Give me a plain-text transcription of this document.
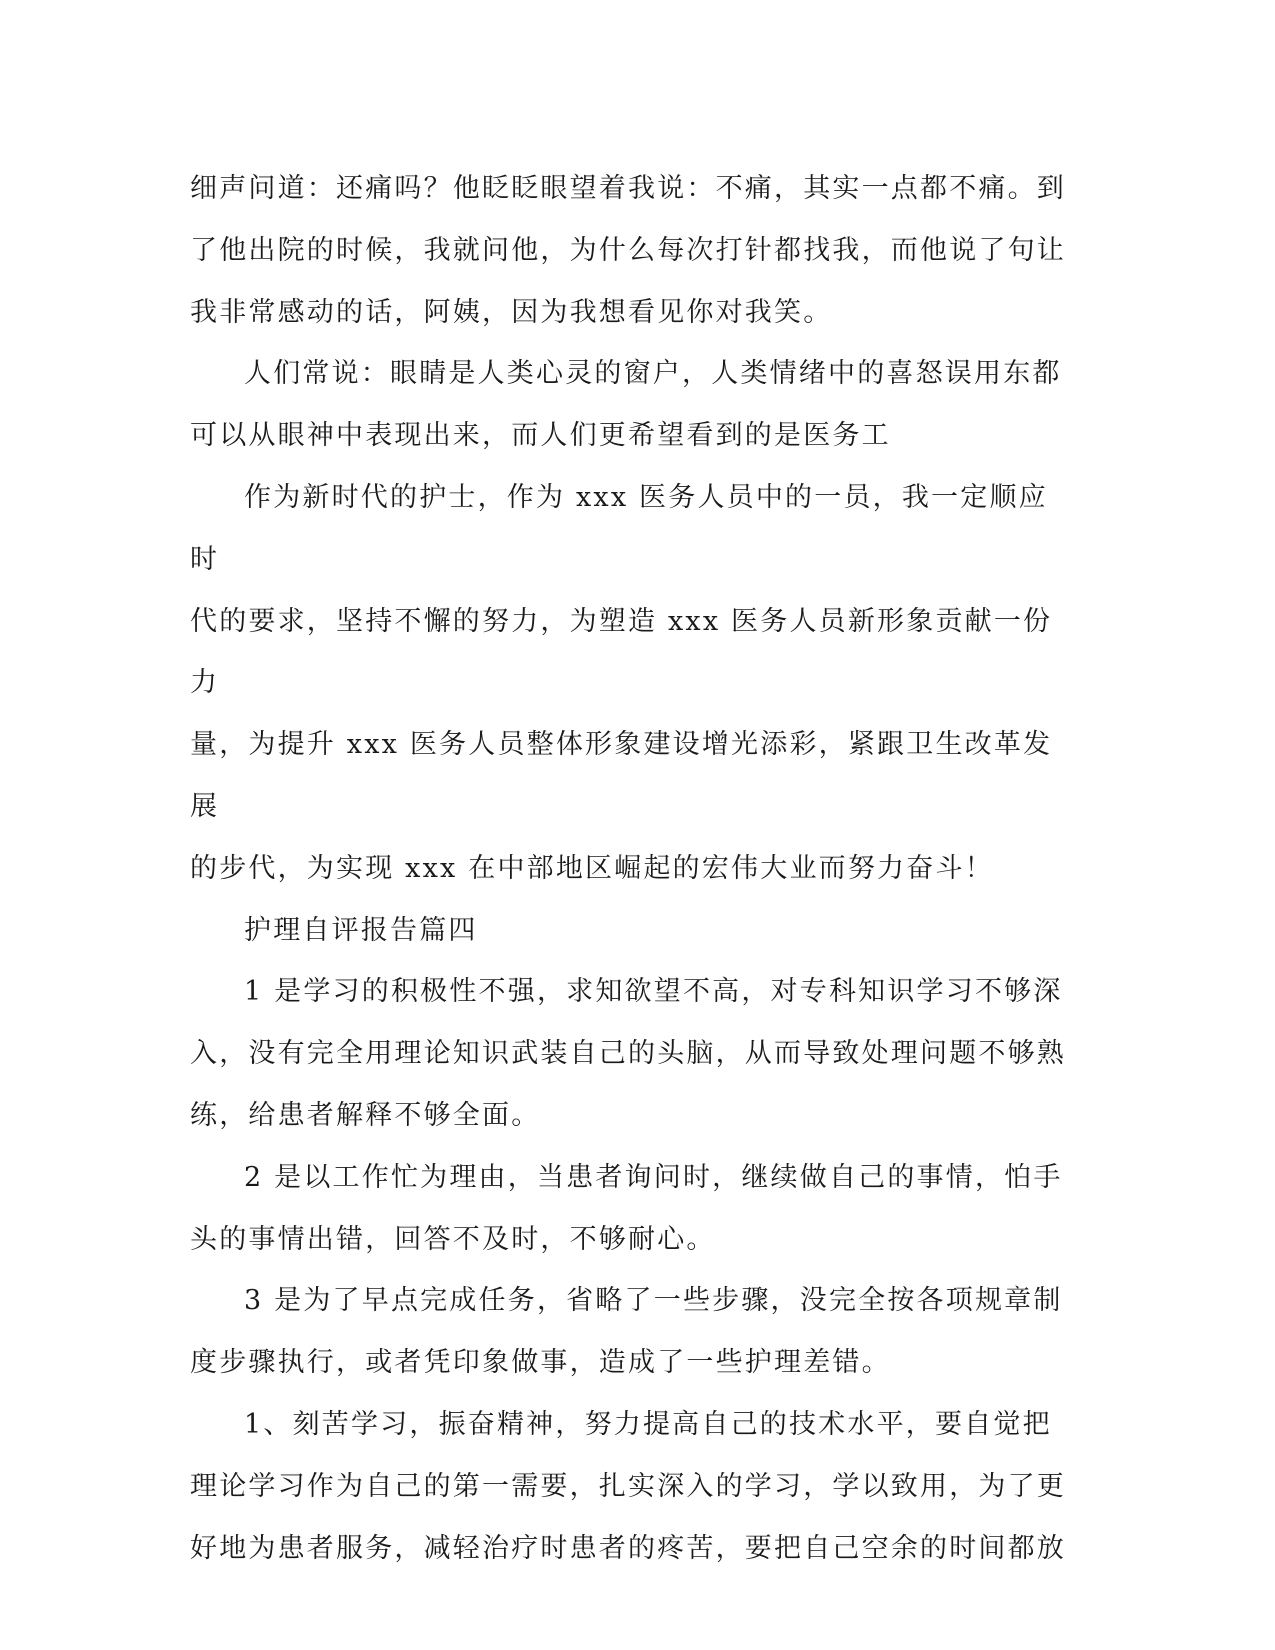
细声问道：还痛吗？他眨眨眼望着我说：不痛，其实一点都不痛。到
了他出院的时候，我就问他，为什么每次打针都找我，而他说了句让
我非常感动的话，阿姨，因为我想看见你对我笑。
人们常说：眼睛是人类心灵的窗户，人类情绪中的喜怒误用东都
可以从眼神中表现出来，而人们更希望看到的是医务工
作为新时代的护士，作为 xxx 医务人员中的一员，我一定顺应时
代的要求，坚持不懈的努力，为塑造 xxx 医务人员新形象贡献一份力
量，为提升 xxx 医务人员整体形象建设增光添彩，紧跟卫生改革发展
的步代，为实现 xxx 在中部地区崛起的宏伟大业而努力奋斗！
护理自评报告篇四
1 是学习的积极性不强，求知欲望不高，对专科知识学习不够深
入，没有完全用理论知识武装自己的头脑，从而导致处理问题不够熟
练，给患者解释不够全面。
2 是以工作忙为理由，当患者询问时，继续做自己的事情，怕手
头的事情出错，回答不及时，不够耐心。
3 是为了早点完成任务，省略了一些步骤，没完全按各项规章制
度步骤执行，或者凭印象做事，造成了一些护理差错。
1、刻苦学习，振奋精神，努力提高自己的技术水平，要自觉把
理论学习作为自己的第一需要，扎实深入的学习，学以致用，为了更
好地为患者服务，减轻治疗时患者的疼苦，要把自己空余的时间都放
